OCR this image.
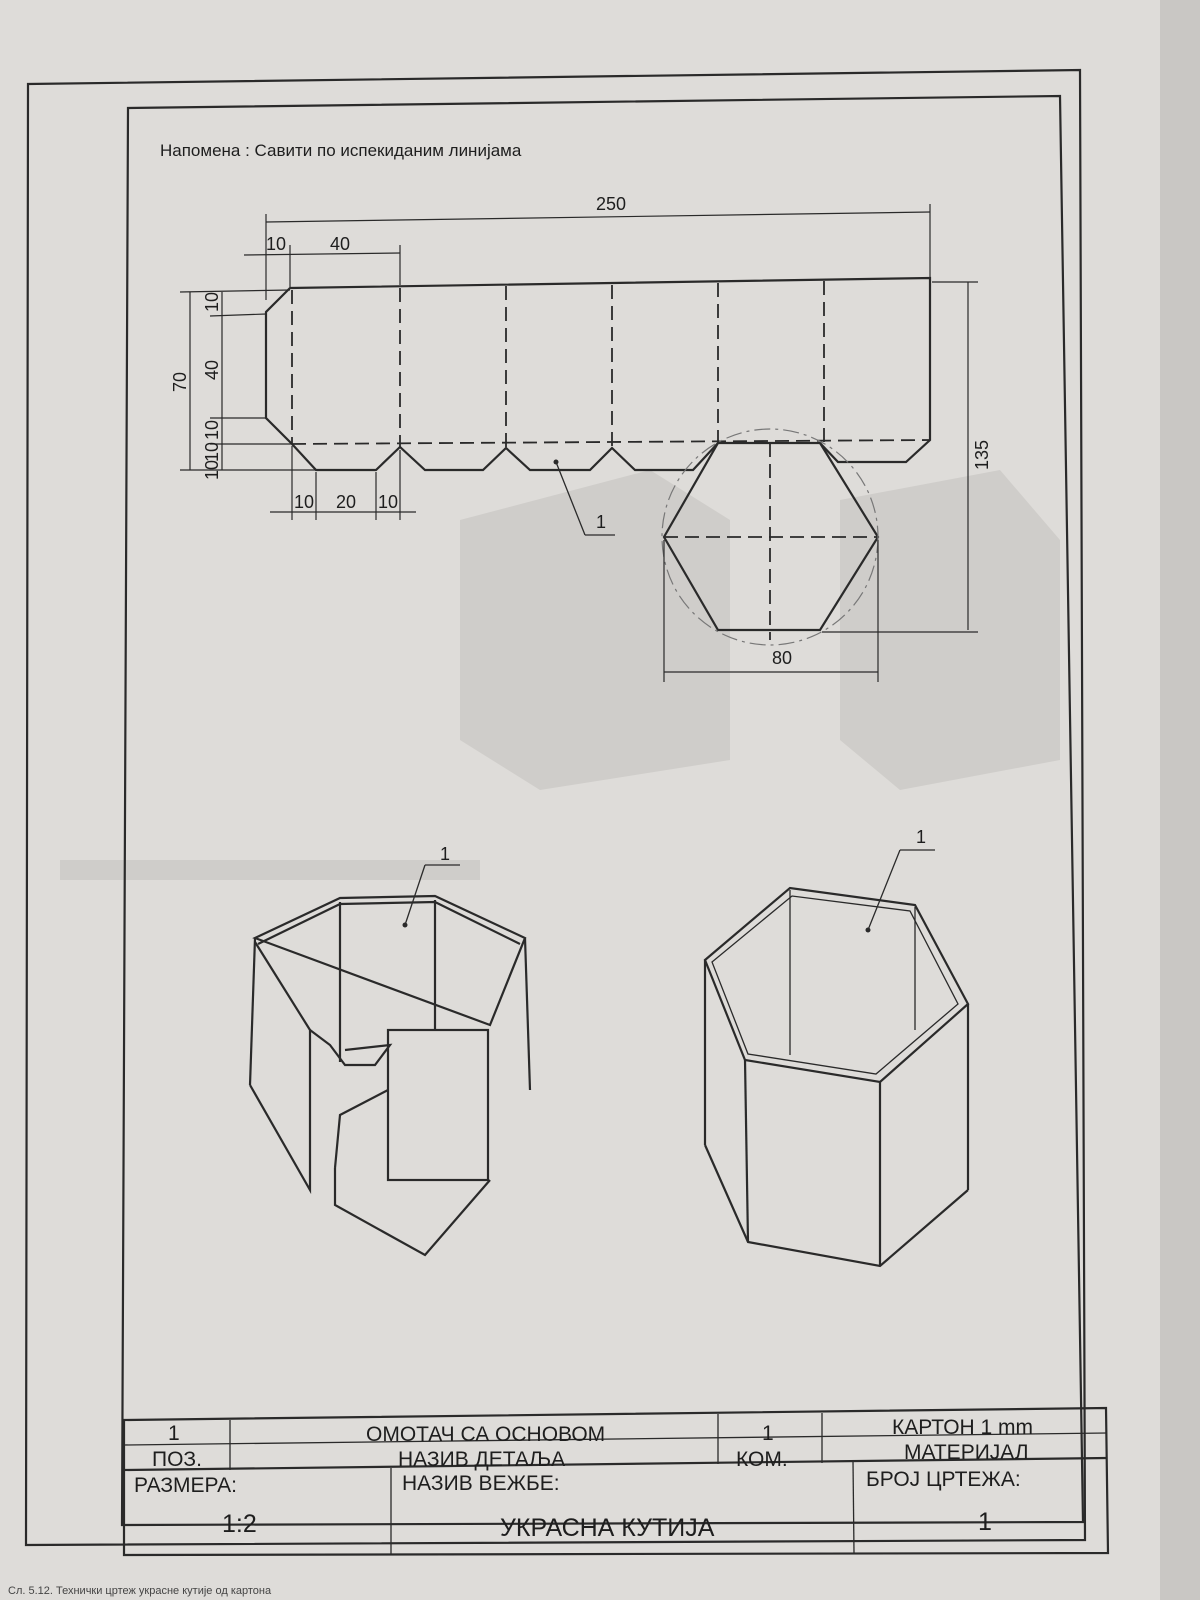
Напомена : Савити по испекиданим линијама
250
10 40
70
10
40
10
10
10
10 20 10
135
80
1
1
1
1
ПОЗ.
ОМОТАЧ СА ОСНОВОМ
НАЗИВ ДЕТАЉА
1
КОМ.
КАРТОН 1 mm
МАТЕРИЈАЛ
РАЗМЕРА:
1:2
НАЗИВ ВЕЖБЕ:
УКРАСНА КУТИЈА
БРОЈ ЦРТЕЖА:
1
Сл. 5.12. Технички цртеж украсне кутије од картона
